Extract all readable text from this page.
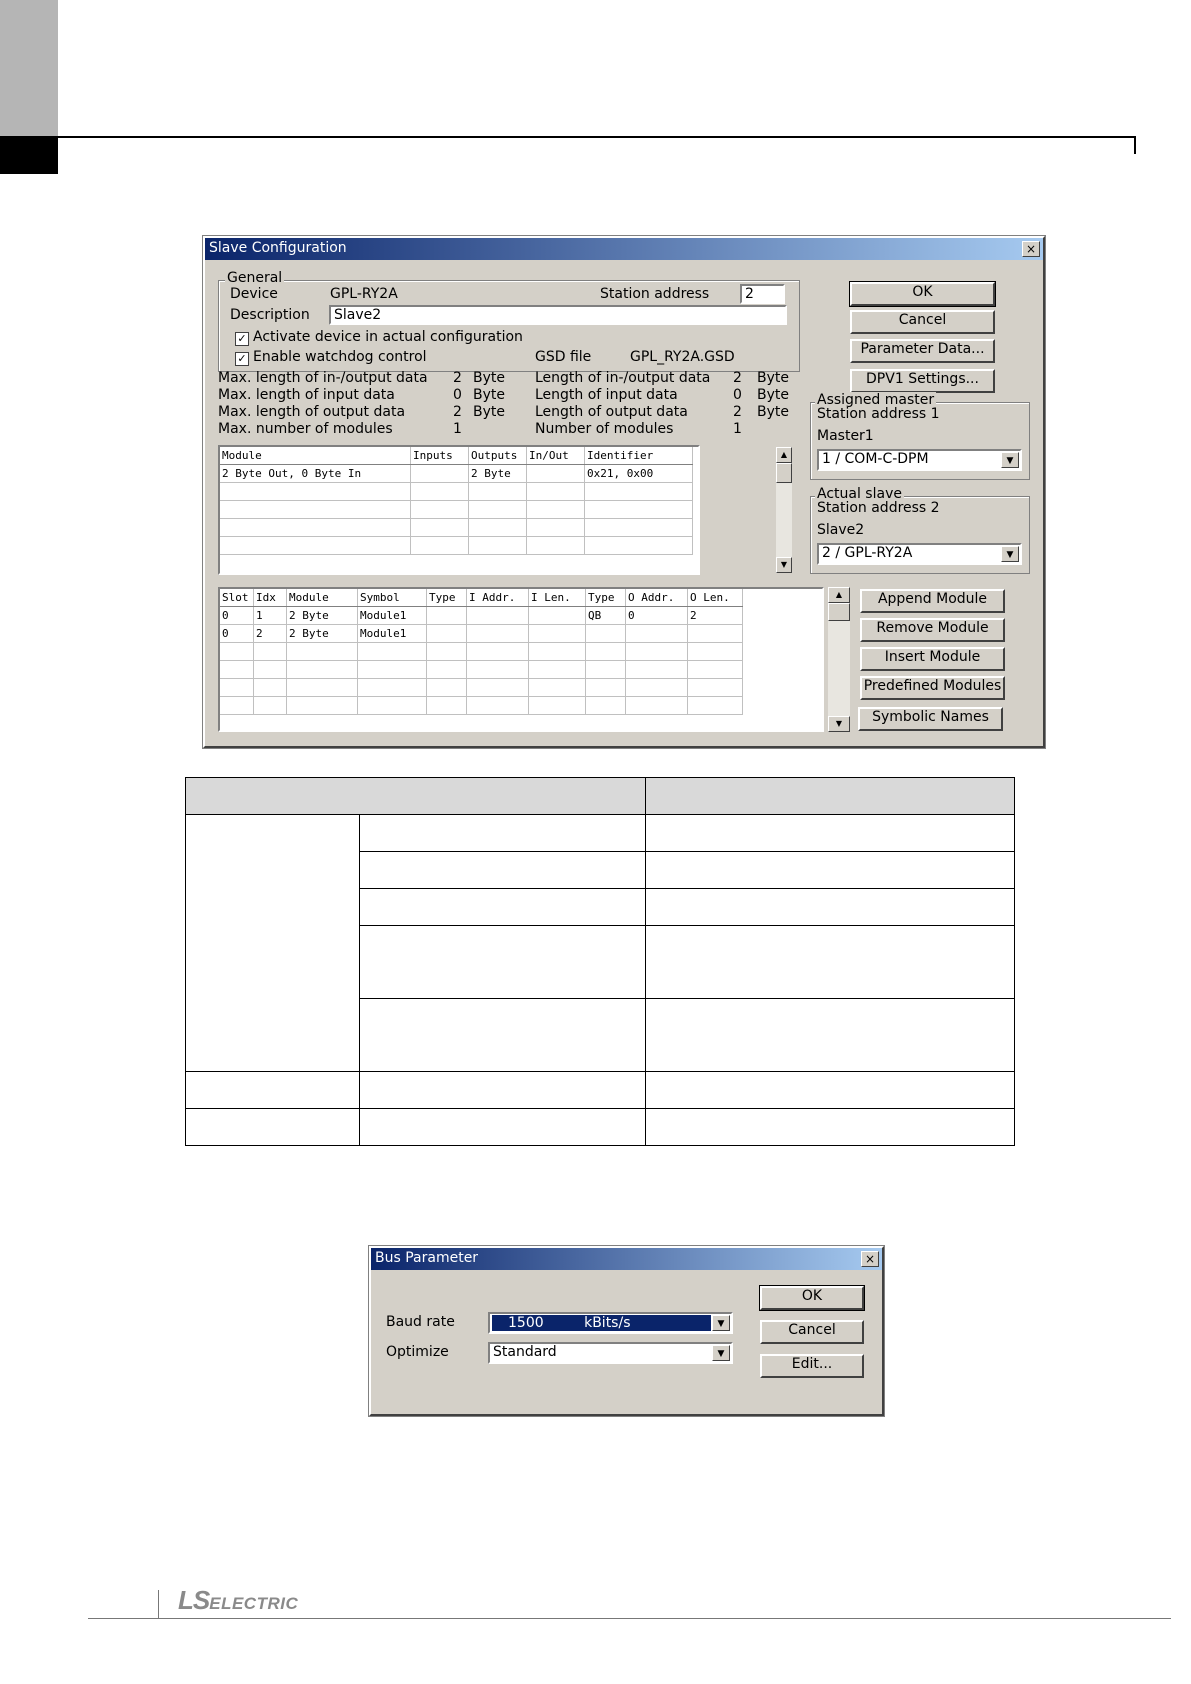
Slave Configuration	×
General
Device	GPL-RY2A	Station address	2
Description	Slave2
✓ Activate device in actual configuration
✓ Enable watchdog control	GSD file	GPL_RY2A.GSD
Max. length of in-/output data 2 Byte
Max. length of input data	0 Byte
Max. length of output data	2 Byte
Max. number of modules	1
Length of in-/output data 2 Byte
Length of input data	0 Byte
Length of output data	2 Byte
Number of modules	1
OK
Cancel
Parameter Data...
DPV1 Settings...
Assigned master
Station address 1
Master1
1 / COM-C-DPM	▼
Actual slave
Station address 2
Slave2
2 / GPL-RY2A	▼
Module	Inputs	Outputs	In/Out	Identifier
2 Byte Out, 0 Byte In		2 Byte		0x21, 0x00

▲
▼
Slot	Idx	Module	Symbol	Type	I Addr.	I Len.	Type	O Addr.	O Len.
0	1	2 Byte	Module1				QB	0	2
0	2	2 Byte	Module1						

▲
▼
Append Module
Remove Module
Insert Module
Predefined Modules
Symbolic Names

Bus Parameter	×
Baud rate	1500	kBits/s	▼
Optimize	Standard	▼
OK
Cancel
Edit...
LSELECTRIC
